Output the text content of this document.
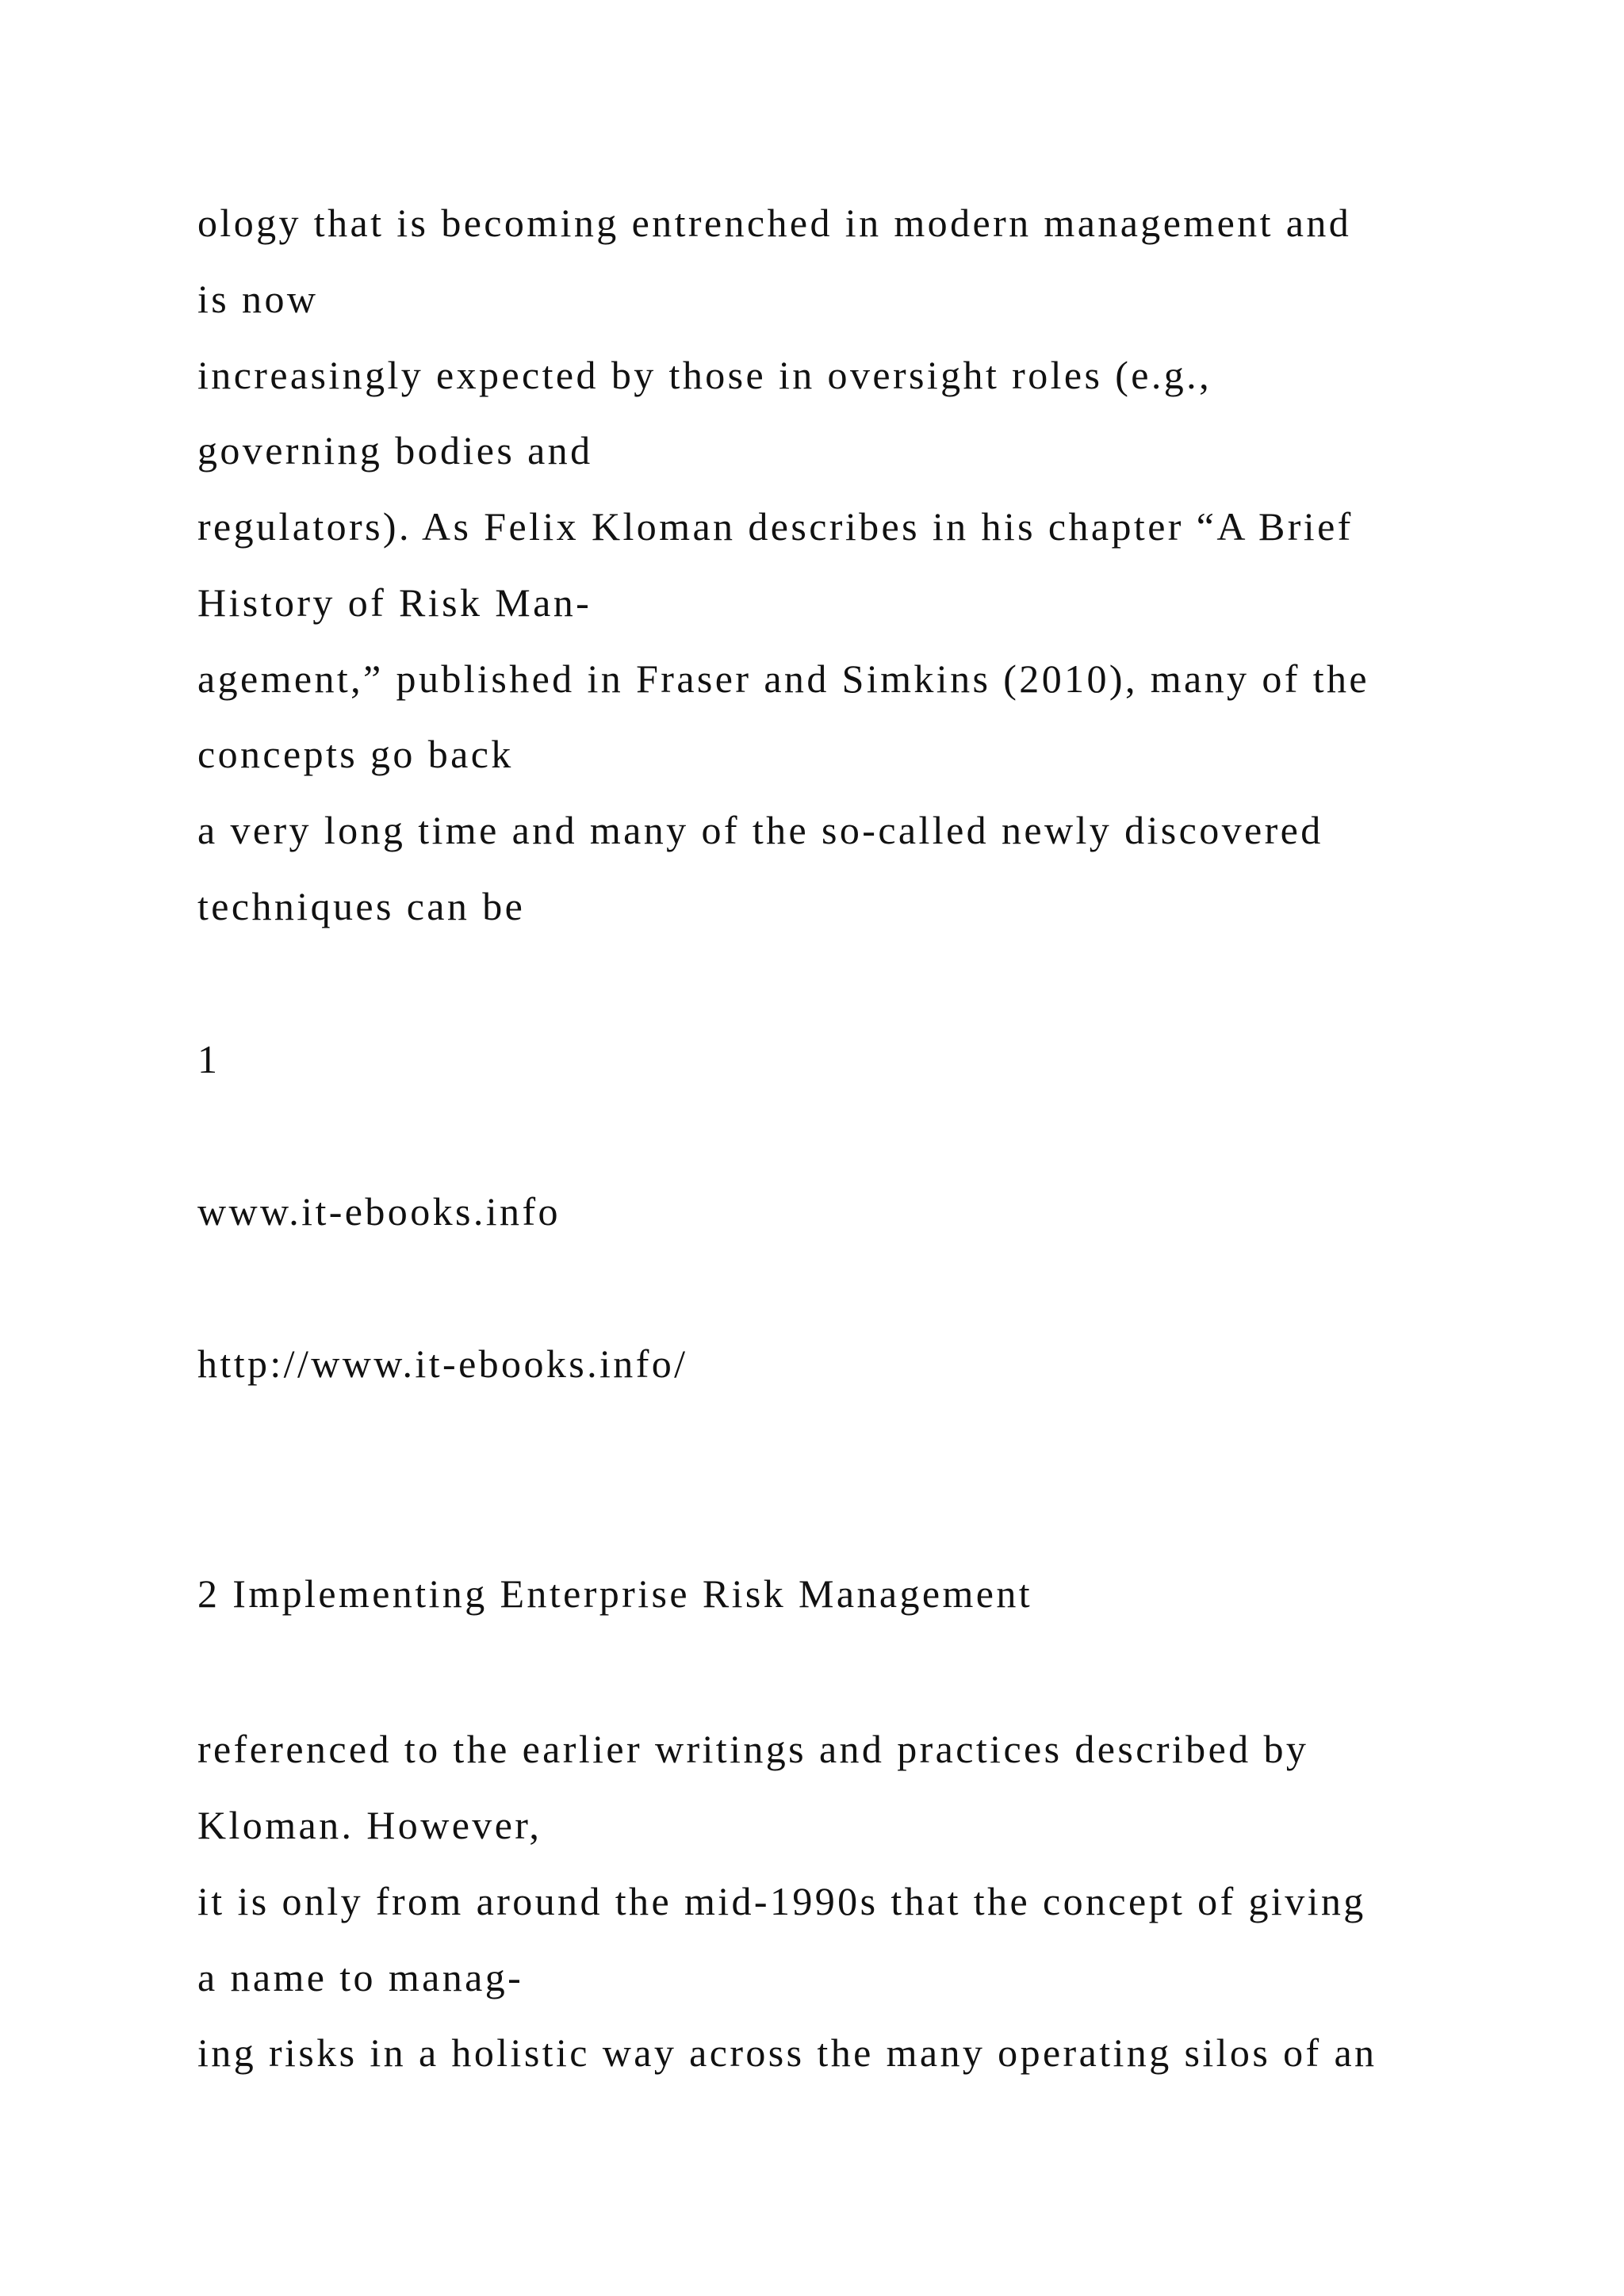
ology that is becoming entrenched in modern management and

is now

increasingly expected by those in oversight roles (e.g.,

governing bodies and

regulators). As Felix Kloman describes in his chapter “A Brief

History of Risk Man-

agement,” published in Fraser and Simkins (2010), many of the

concepts go back

a very long time and many of the so-called newly discovered

techniques can be

1

www.it-ebooks.info

http://www.it-ebooks.info/

2 Implementing Enterprise Risk Management

referenced to the earlier writings and practices described by

Kloman. However,

it is only from around the mid-1990s that the concept of giving

a name to manag-

ing risks in a holistic way across the many operating silos of an
